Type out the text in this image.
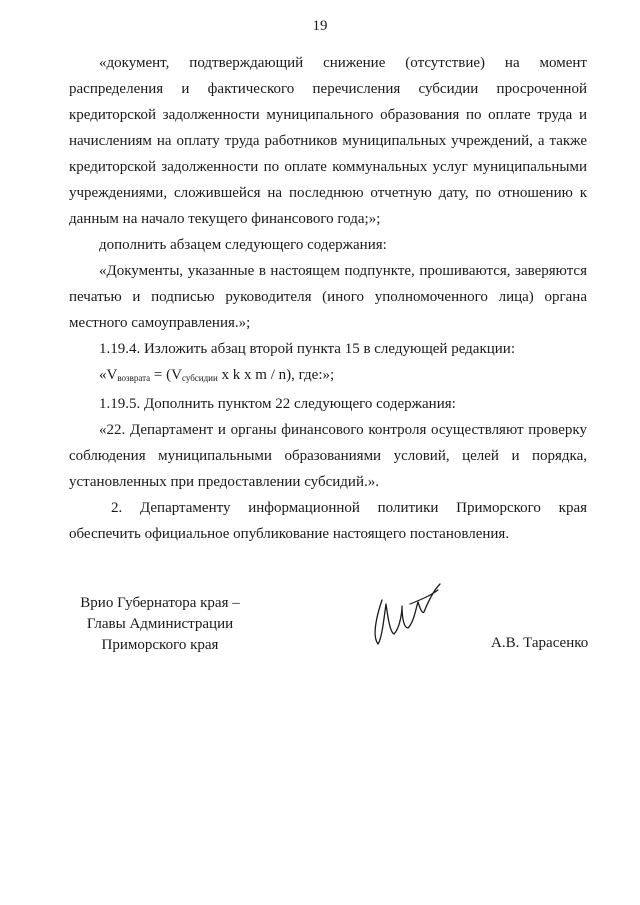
19

«документ, подтверждающий снижение (отсутствие) на момент распределения и фактического перечисления субсидии просроченной кредиторской задолженности муниципального образования по оплате труда и начислениям на оплату труда работников муниципальных учреждений, а также кредиторской задолженности по оплате коммунальных услуг муниципальными учреждениями, сложившейся на последнюю отчетную дату, по отношению к данным на начало текущего финансового года;»;

дополнить абзацем следующего содержания:

«Документы, указанные в настоящем подпункте, прошиваются, заверяются печатью и подписью руководителя (иного уполномоченного лица) органа местного самоуправления.»;

1.19.4. Изложить абзац второй пункта 15 в следующей редакции:

«$V_{возврата} = (V_{субсидии}$ x k x m / n), где:»;

1.19.5. Дополнить пунктом 22 следующего содержания:

«22. Департамент и органы финансового контроля осуществляют проверку соблюдения муниципальными образованиями условий, целей и порядка, установленных при предоставлении субсидий.».

2. Департаменту информационной политики Приморского края обеспечить официальное опубликование настоящего постановления.

Врио Губернатора края –
Главы Администрации
Приморского края	А.В. Тарасенко
